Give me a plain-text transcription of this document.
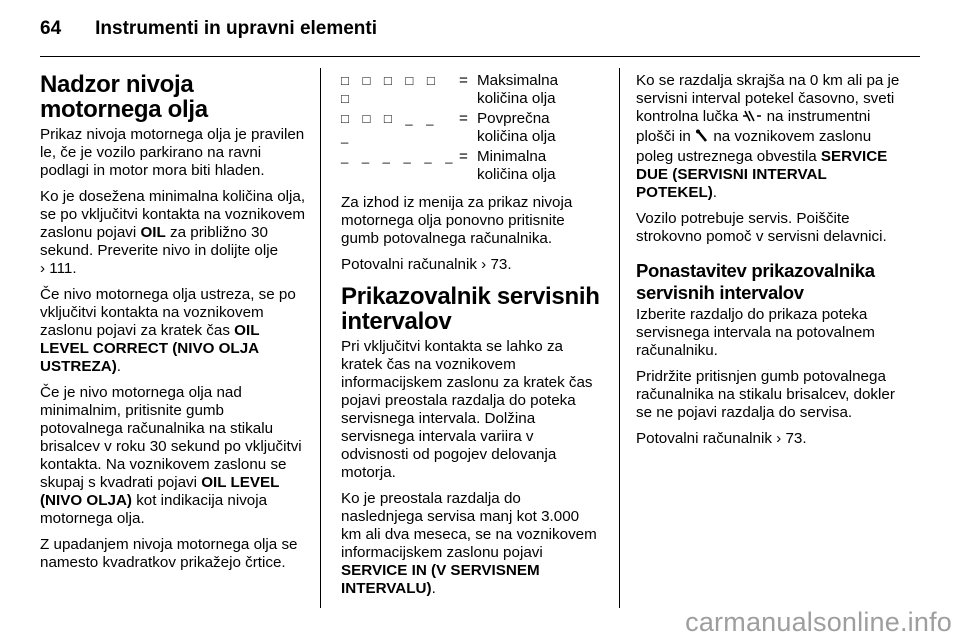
64 Instrumenti in upravni elementi
Nadzor nivoja motornega olja

Prikaz nivoja motornega olja je pravilen le, če je vozilo parkirano na ravni podlagi in motor mora biti hladen.

Ko je dosežena minimalna količina olja, se po vključitvi kontakta na voznikovem zaslonu pojavi OIL za približno 30 sekund. Preverite nivo in dolijte olje › 111.

Če nivo motornega olja ustreza, se po vključitvi kontakta na voznikovem zaslonu pojavi za kratek čas OIL LEVEL CORRECT (NIVO OLJA USTREZA).

Če je nivo motornega olja nad minimalnim, pritisnite gumb potovalnega računalnika na stikalu brisalcev v roku 30 sekund po vključitvi kontakta. Na voznikovem zaslonu se skupaj s kvadrati pojavi OIL LEVEL (NIVO OLJA) kot indikacija nivoja motornega olja.

Z upadanjem nivoja motornega olja se namesto kvadratkov prikažejo črtice.

□ □ □ □ □ □
= Maksimalna količina olja
□ □ □ _ _ _
= Povprečna količina olja
_ _ _ _ _ _ = Minimalna količina olja

Za izhod iz menija za prikaz nivoja motornega olja ponovno pritisnite gumb potovalnega računalnika.

Potovalni računalnik › 73.

Prikazovalnik servisnih intervalov

Pri vključitvi kontakta se lahko za kratek čas na voznikovem informacijskem zaslonu za kratek čas pojavi preostala razdalja do poteka servisnega intervala. Dolžina servisnega intervala variira v odvisnosti od pogojev delovanja motorja.

Ko je preostala razdalja do naslednjega servisa manj kot 3.000 km ali dva meseca, se na voznikovem informacijskem zaslonu pojavi SERVICE IN (V SERVISNEM INTERVALU).

Ko se razdalja skrajša na 0 km ali pa je servisni interval potekel časovno, sveti kontrolna lučka  na instrumentni plošči in  na voznikovem zaslonu poleg ustreznega obvestila SERVICE DUE (SERVISNI INTERVAL POTEKEL).

Vozilo potrebuje servis. Poiščite strokovno pomoč v servisni delavnici.

Ponastavitev prikazovalnika servisnih intervalov

Izberite razdaljo do prikaza poteka servisnega intervala na potovalnem računalniku.

Pridržite pritisnjen gumb potovalnega računalnika na stikalu brisalcev, dokler se ne pojavi razdalja do servisa.

Potovalni računalnik › 73.

carmanualsonline.info
